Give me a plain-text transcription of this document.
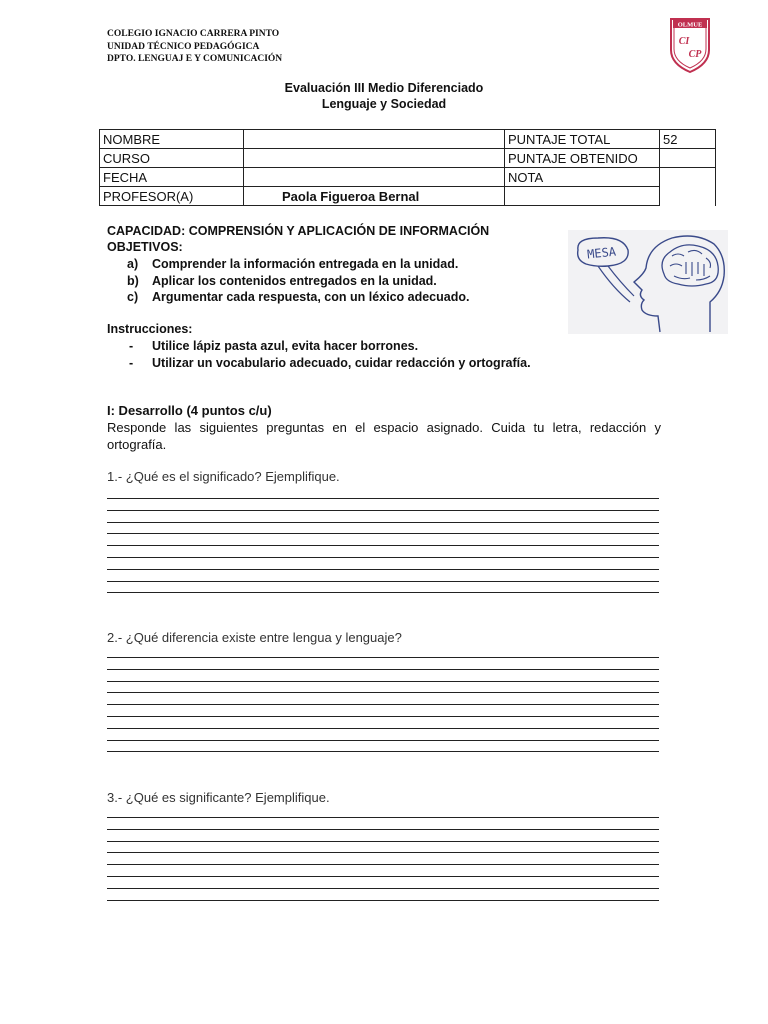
COLEGIO IGNACIO CARRERA PINTO
UNIDAD TÉCNICO PEDAGÓGICA
DPTO. LENGUAJ E Y COMUNICACIÓN
OLMUE
CI
CP
Evaluación III Medio Diferenciado
Lenguaje y Sociedad
NOMBRE		PUNTAJE TOTAL	52
CURSO		PUNTAJE OBTENIDO	
FECHA		NOTA	
PROFESOR(A)	Paola Figueroa Bernal		
CAPACIDAD: COMPRENSIÓN Y APLICACIÓN DE INFORMACIÓN
OBJETIVOS:
a)	Comprender la información entregada en la unidad.
b)	Aplicar los contenidos entregados en la unidad.
c)	Argumentar cada respuesta, con un léxico adecuado.
MESA
Instrucciones:
-	Utilice lápiz pasta azul, evita hacer borrones.
-	Utilizar un vocabulario adecuado, cuidar redacción y ortografía.
I: Desarrollo (4 puntos c/u)
Responde las siguientes preguntas en el espacio asignado. Cuida tu letra, redacción y ortografía.
1.- ¿Qué es el significado? Ejemplifique.
2.- ¿Qué diferencia existe entre lengua y lenguaje?
3.- ¿Qué es significante? Ejemplifique.
